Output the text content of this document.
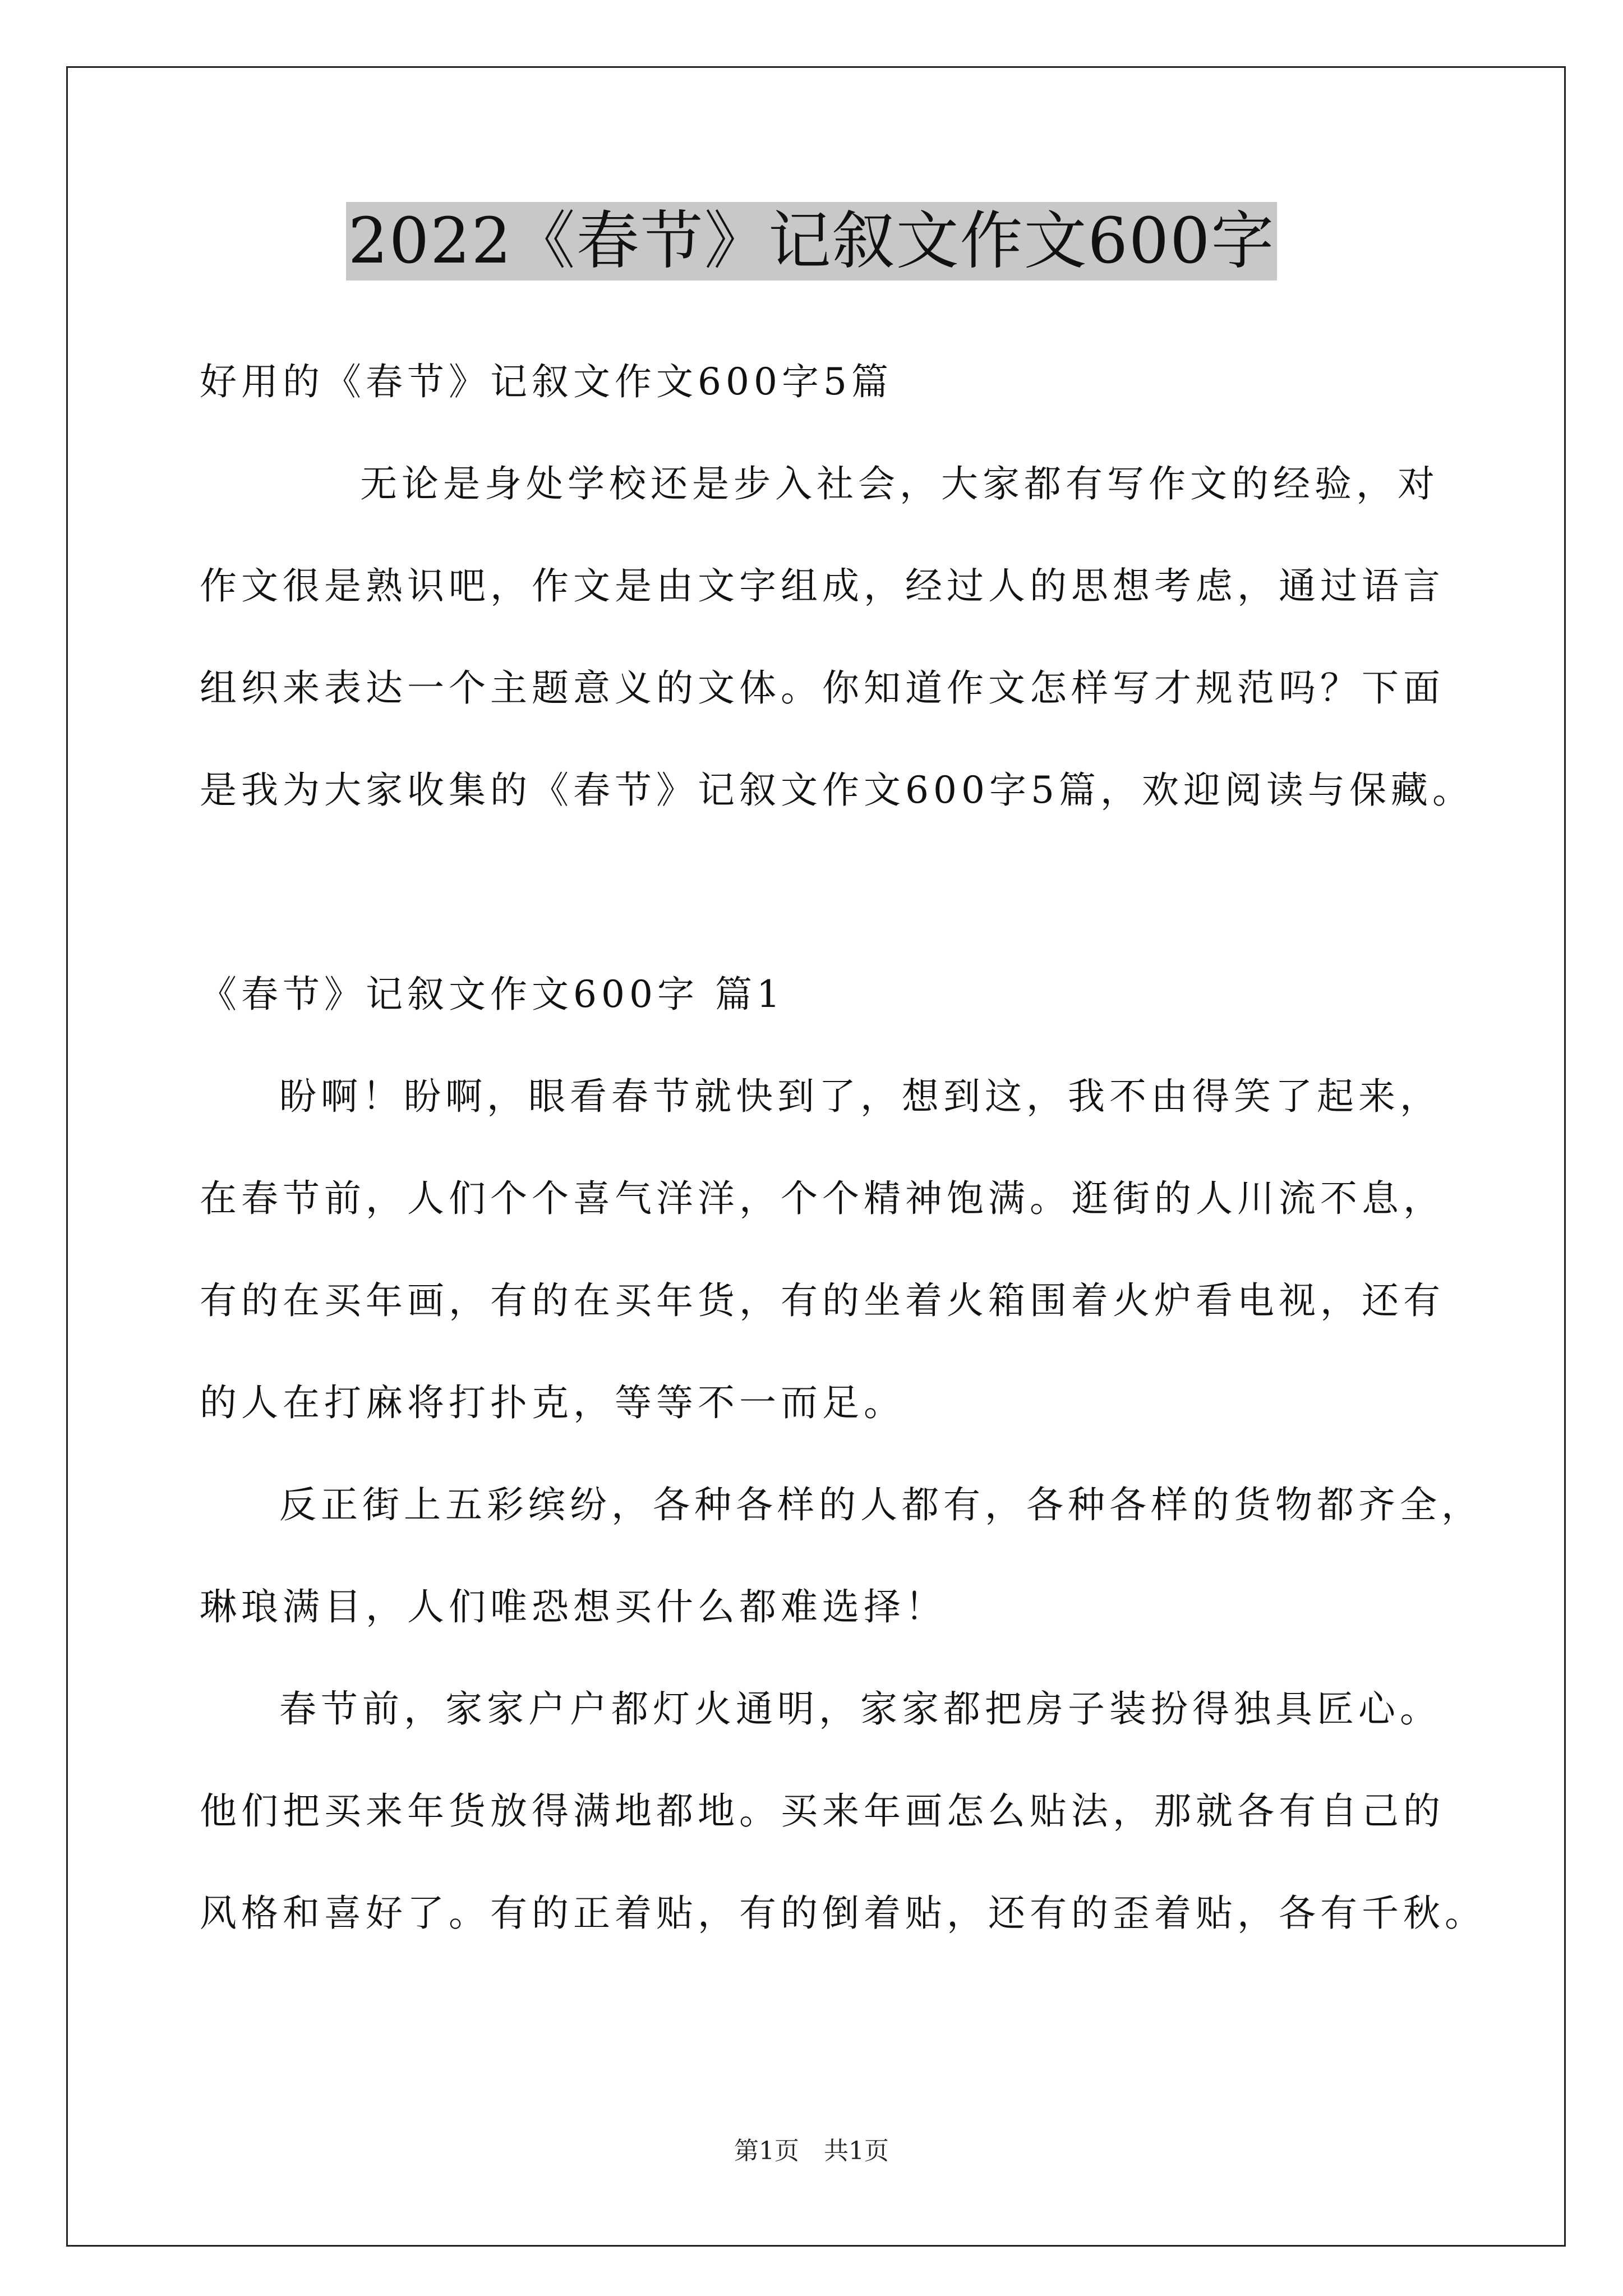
2022《春节》记叙文作文600字
好用的《春节》记叙文作文600字5篇
无论是身处学校还是步入社会，大家都有写作文的经验，对
作文很是熟识吧，作文是由文字组成，经过人的思想考虑，通过语言
组织来表达一个主题意义的文体。你知道作文怎样写才规范吗？下面
是我为大家收集的《春节》记叙文作文600字5篇，欢迎阅读与保藏。
《春节》记叙文作文600字 篇1
盼啊！盼啊，眼看春节就快到了，想到这，我不由得笑了起来，
在春节前，人们个个喜气洋洋，个个精神饱满。逛街的人川流不息，
有的在买年画，有的在买年货，有的坐着火箱围着火炉看电视，还有
的人在打麻将打扑克，等等不一而足。
反正街上五彩缤纷，各种各样的人都有，各种各样的货物都齐全，
琳琅满目，人们唯恐想买什么都难选择！
春节前，家家户户都灯火通明，家家都把房子装扮得独具匠心。
他们把买来年货放得满地都地。买来年画怎么贴法，那就各有自己的
风格和喜好了。有的正着贴，有的倒着贴，还有的歪着贴，各有千秋。
第1页　共1页
